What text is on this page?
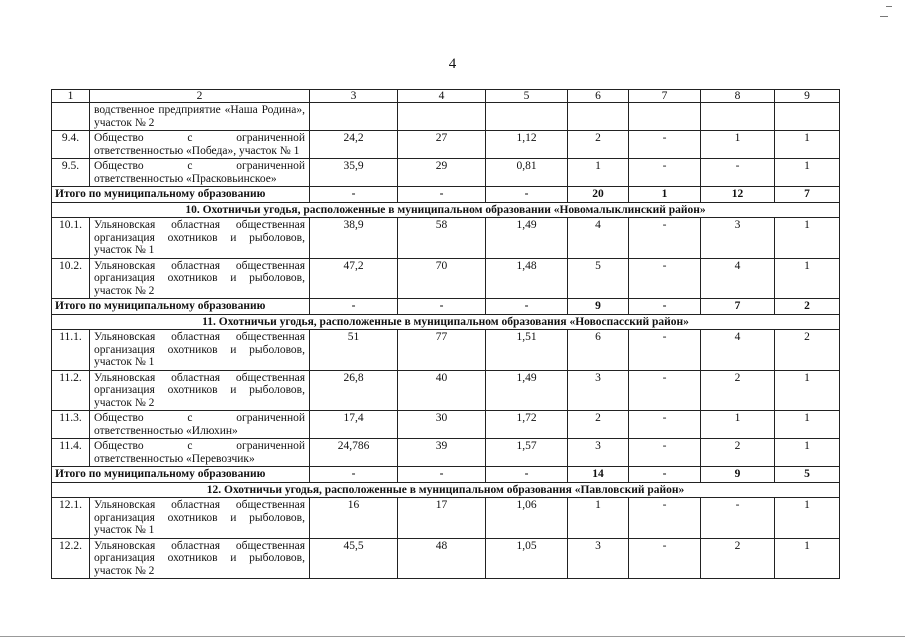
4
1	2	3	4	5	6	7	8	9
	водственное предприятие «Наша Родина», участок № 2							
9.4.	Общество с ограниченной ответственностью «Победа», участок № 1	24,2	27	1,12	2	-	1	1
9.5.	Общество с ограниченной ответственностью «Прасковьинское»	35,9	29	0,81	1	-	-	1
Итого по муниципальному образованию		-	-	-	20	1	12	7
10. Охотничьи угодья, расположенные в муниципальном образовании «Новомалыклинский район»								
10.1.	Ульяновская областная общественная организация охотников и рыболовов, участок № 1	38,9	58	1,49	4	-	3	1
10.2.	Ульяновская областная общественная организация охотников и рыболовов, участок № 2	47,2	70	1,48	5	-	4	1
Итого по муниципальному образованию		-	-	-	9	-	7	2
11. Охотничьи угодья, расположенные в муниципальном образования «Новоспасский район»								
11.1.	Ульяновская областная общественная организация охотников и рыболовов, участок № 1	51	77	1,51	6	-	4	2
11.2.	Ульяновская областная общественная организация охотников и рыболовов, участок № 2	26,8	40	1,49	3	-	2	1
11.3.	Общество с ограниченной ответственностью «Илюхин»	17,4	30	1,72	2	-	1	1
11.4.	Общество с ограниченной ответственностью «Перевозчик»	24,786	39	1,57	3	-	2	1
Итого по муниципальному образованию		-	-	-	14	-	9	5
12. Охотничьи угодья, расположенные в муниципальном образования «Павловский район»								
12.1.	Ульяновская областная общественная организация охотников и рыболовов, участок № 1	16	17	1,06	1	-	-	1
12.2.	Ульяновская областная общественная организация охотников и рыболовов, участок № 2	45,5	48	1,05	3	-	2	1
